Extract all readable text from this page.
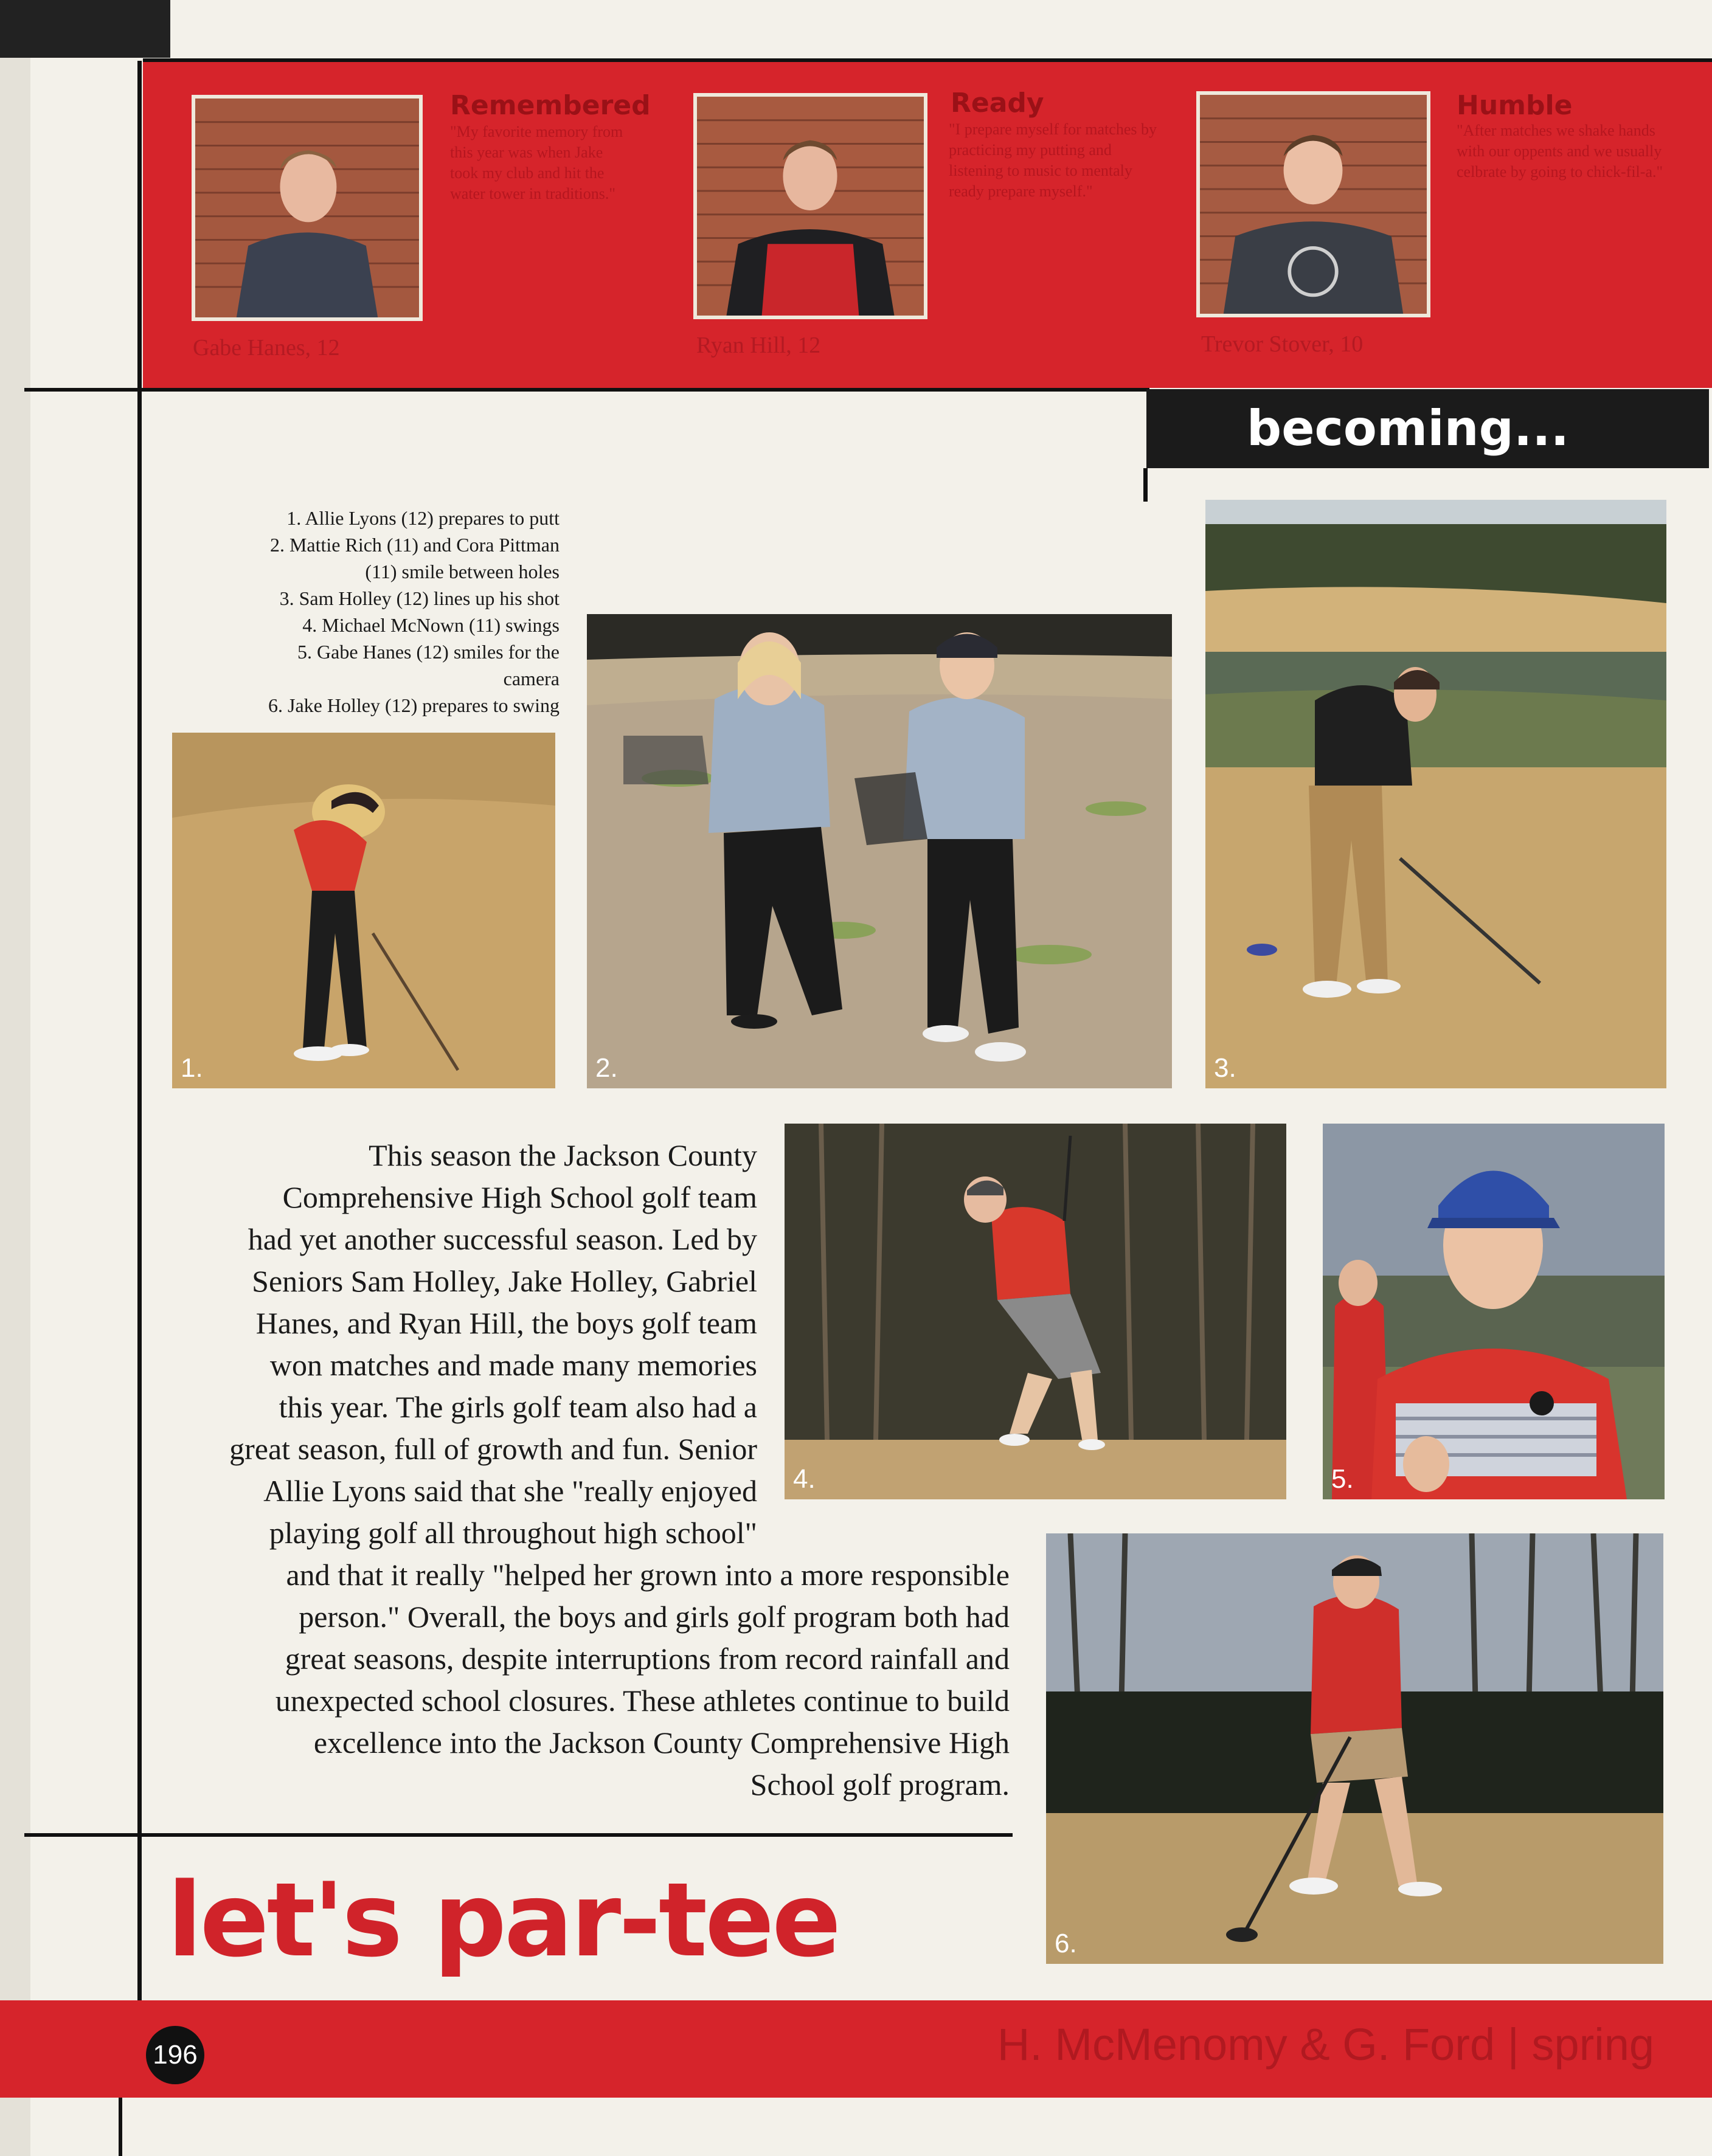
Gabe Hanes, 12
Remembered
"My favorite memory from this year was when Jake took my club and hit the water tower in traditions."
Ryan Hill, 12
Ready
"I prepare myself for matches by practicing my putting and listening to music to mentaly ready prepare myself."
Trevor Stover, 10
Humble
"After matches we shake hands with our oppents and we usually celbrate by going to chick-fil-a."
becoming...
1. Allie Lyons (12) prepares to putt
2. Mattie Rich (11) and Cora Pittman
(11) smile between holes
3. Sam Holley (12) lines up his shot
4. Michael McNown (11) swings
5. Gabe Hanes (12) smiles for the
camera
6. Jake Holley (12) prepares to swing
1.	2.	3.
This season the Jackson County
Comprehensive High School golf team
had yet another successful season. Led by
Seniors Sam Holley, Jake Holley, Gabriel
Hanes, and Ryan Hill, the boys golf team
won matches and made many memories
this year. The girls golf team also had a
great season, full of growth and fun. Senior
Allie Lyons said that she "really enjoyed
playing golf all throughout high school"
4.	5.
and that it really "helped her grown into a more responsible
person." Overall, the boys and girls golf program both had
great seasons, despite interruptions from record rainfall and
unexpected school closures. These athletes continue to build
excellence into the Jackson County Comprehensive High
School golf program.
6.
let's par-tee
196	H. McMenomy & G. Ford | spring
